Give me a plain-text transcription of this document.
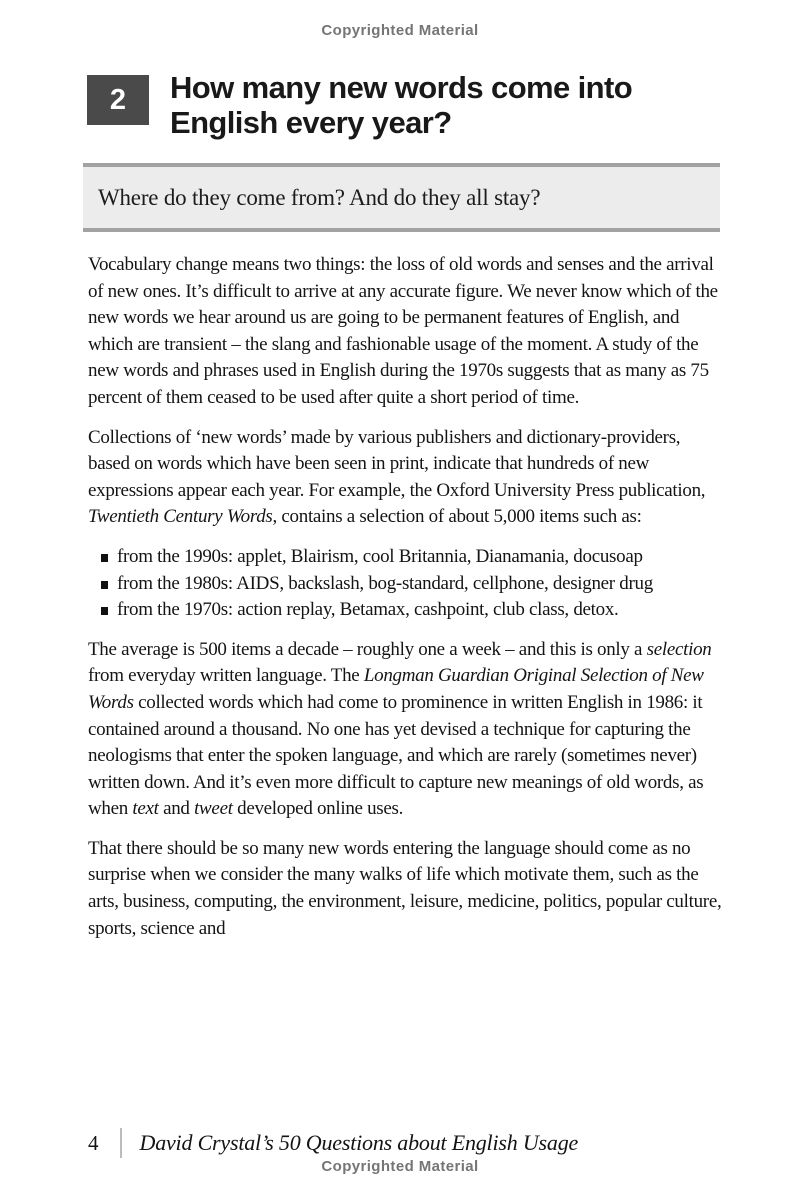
Copyrighted Material
2	How many new words come into
English every year?
Where do they come from? And do they all stay?

Vocabulary change means two things: the loss of old words and senses and the arrival of new ones. It’s difficult to arrive at any accurate figure. We never know which of the new words we hear around us are going to be permanent features of English, and which are transient – the slang and fashionable usage of the moment. A study of the new words and phrases used in English during the 1970s suggests that as many as 75 percent of them ceased to be used after quite a short period of time.

Collections of ‘new words’ made by various publishers and dictionary-providers, based on words which have been seen in print, indicate that hundreds of new expressions appear each year. For example, the Oxford University Press publication, Twentieth Century Words, contains a selection of about 5,000 items such as:

from the 1990s: applet, Blairism, cool Britannia, Dianamania, docusoap
from the 1980s: AIDS, backslash, bog-standard, cellphone, designer drug
from the 1970s: action replay, Betamax, cashpoint, club class, detox.

The average is 500 items a decade – roughly one a week – and this is only a selection from everyday written language. The Longman Guardian Original Selection of New Words collected words which had come to prominence in written English in 1986: it contained around a thousand. No one has yet devised a technique for capturing the neologisms that enter the spoken language, and which are rarely (sometimes never) written down. And it’s even more difficult to capture new meanings of old words, as when text and tweet developed online uses.

That there should be so many new words entering the language should come as no surprise when we consider the many walks of life which motivate them, such as the arts, business, computing, the environment, leisure, medicine, politics, popular culture, sports, science and

4 David Crystal’s 50 Questions about English Usage
Copyrighted Material
